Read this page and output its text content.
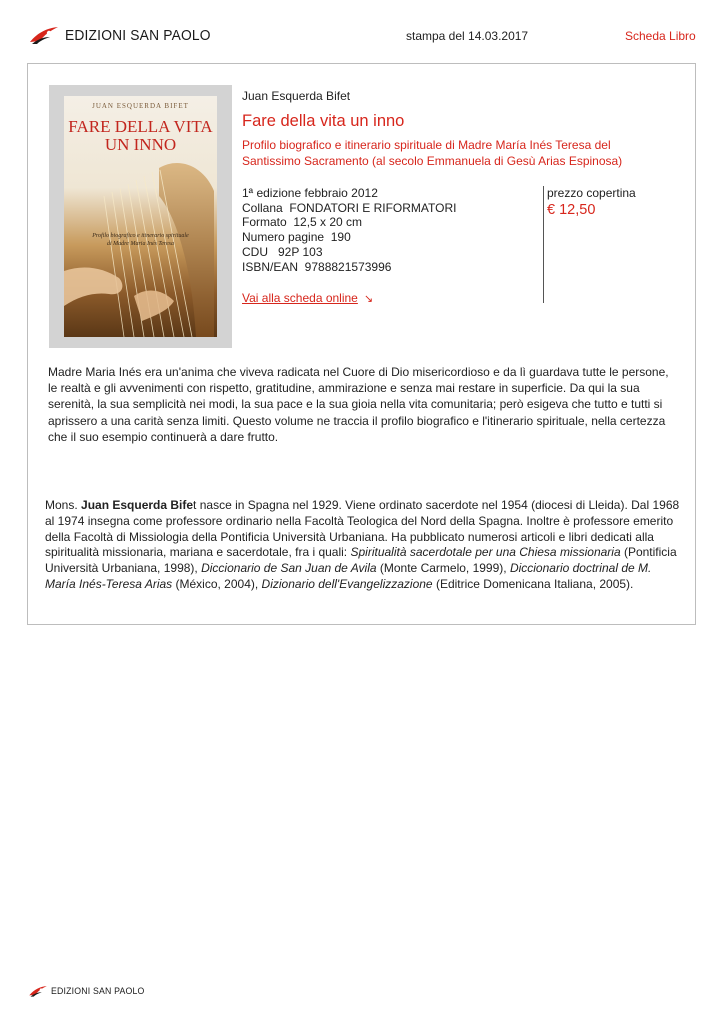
EDIZIONI SAN PAOLO	stampa del 14.03.2017	Scheda Libro
JUAN ESQUERDA BIFET
FARE DELLA VITA
UN INNO
Profilo biografico e itinerario spirituale
di Madre Maria Inés Teresa
Juan Esquerda Bifet
Fare della vita un inno
Profilo biografico e itinerario spirituale di Madre María Inés Teresa del Santissimo Sacramento (al secolo Emmanuela di Gesù Arias Espinosa)
1ª edizione febbraio 2012
Collana  FONDATORI E RIFORMATORI
Formato  12,5 x 20 cm
Numero pagine  190
CDU   92P 103
ISBN/EAN  9788821573996
Vai alla scheda online ↘
prezzo copertina
€ 12,50
Madre Maria Inés era un'anima che viveva radicata nel Cuore di Dio misericordioso e da lì guardava tutte le persone, le realtà e gli avvenimenti con rispetto, gratitudine, ammirazione e senza mai restare in superficie. Da qui la sua serenità, la sua semplicità nei modi, la sua pace e la sua gioia nella vita comunitaria; però esigeva che tutto e tutti si aprissero a una carità senza limiti. Questo volume ne traccia il profilo biografico e l'itinerario spirituale, nella certezza che il suo esempio continuerà a dare frutto.
Mons. Juan Esquerda Bifet nasce in Spagna nel 1929. Viene ordinato sacerdote nel 1954 (diocesi di Lleida). Dal 1968 al 1974 insegna come professore ordinario nella Facoltà Teologica del Nord della Spagna. Inoltre è professore emerito della Facoltà di Missiologia della Pontificia Università Urbaniana. Ha pubblicato numerosi articoli e libri dedicati alla spiritualità missionaria, mariana e sacerdotale, fra i quali: Spiritualità sacerdotale per una Chiesa missionaria (Pontificia Università Urbaniana, 1998), Diccionario de San Juan de Avila (Monte Carmelo, 1999), Diccionario doctrinal de M. María Inés-Teresa Arias (México, 2004), Dizionario dell'Evangelizzazione (Editrice Domenicana Italiana, 2005).
EDIZIONI SAN PAOLO
